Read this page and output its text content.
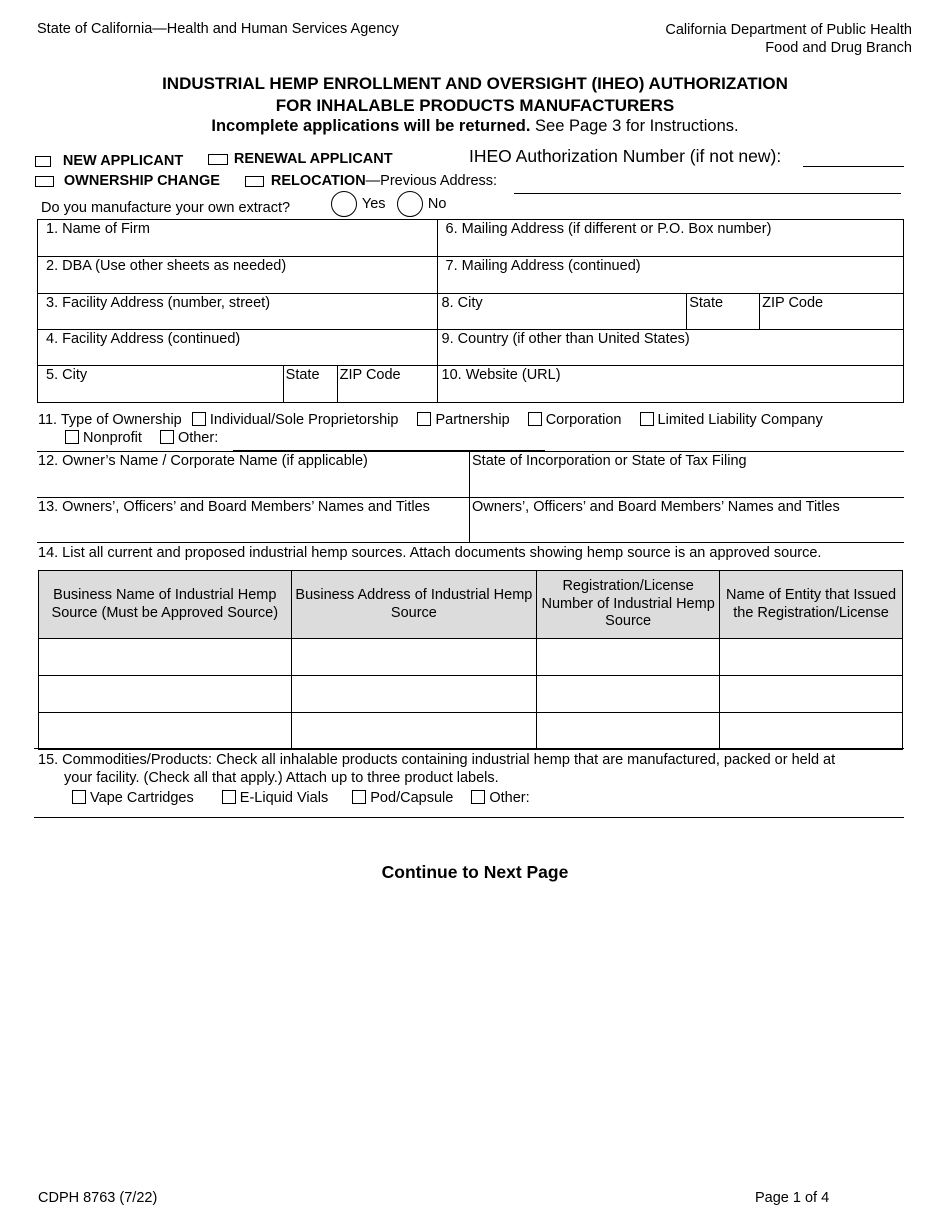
State of California—Health and Human Services Agency	California Department of Public Health
Food and Drug Branch
INDUSTRIAL HEMP ENROLLMENT AND OVERSIGHT (IHEO) AUTHORIZATION
FOR INHALABLE PRODUCTS MANUFACTURERS
Incomplete applications will be returned. See Page 3 for Instructions.
NEW APPLICANT	RENEWAL APPLICANT	IHEO Authorization Number (if not new):
OWNERSHIP CHANGE	RELOCATION—Previous Address:
Do you manufacture your own extract?	Yes	No
1. Name of Firm			6. Mailing Address (if different or P.O. Box number)		
2. DBA (Use other sheets as needed)			7. Mailing Address (continued)		
3. Facility Address (number, street)			8. City	State	ZIP Code
4. Facility Address (continued)			9. Country (if other than United States)		
5. City	State	ZIP Code	10. Website (URL)		
11. Type of Ownership Individual/Sole Proprietorship	Partnership Corporation Limited Liability Company
Nonprofit Other:
12. Owner’s Name / Corporate Name (if applicable)	State of Incorporation or State of Tax Filing
13. Owners’, Officers’ and Board Members’ Names and Titles	Owners’, Officers’ and Board Members’ Names and Titles
14. List all current and proposed industrial hemp sources. Attach documents showing hemp source is an approved source.
Business Name of Industrial Hemp Source (Must be Approved Source)	Business Address of Industrial Hemp Source	Registration/License Number of Industrial Hemp Source	Name of Entity that Issued the Registration/License

15. Commodities/Products: Check all inhalable products containing industrial hemp that are manufactured, packed or held at
your facility. (Check all that apply.) Attach up to three product labels.
Vape Cartridges	E-Liquid Vials	Pod/Capsule Other:
Continue to Next Page
CDPH 8763 (7/22)	Page 1 of 4
